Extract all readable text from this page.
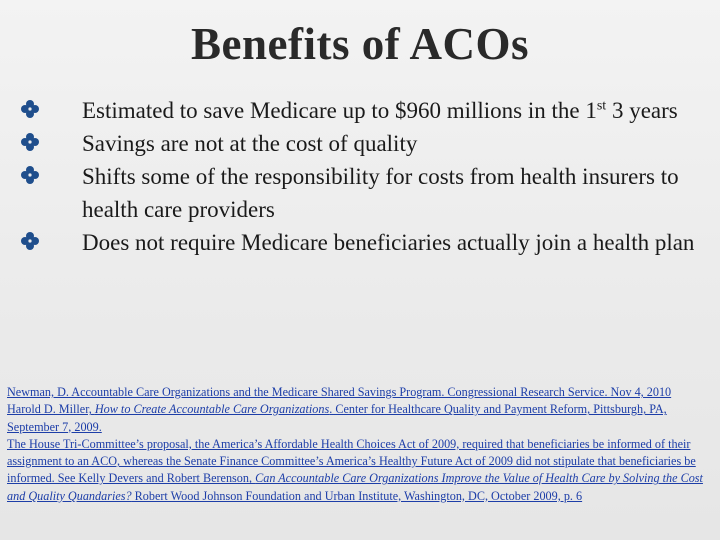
Benefits of ACOs
Estimated to save Medicare up to $960 millions in the 1st 3 years
Savings are not at the cost of quality
Shifts some of the responsibility for costs from health insurers to health care providers
Does not require Medicare beneficiaries actually join a health plan

Newman, D. Accountable Care Organizations and the Medicare Shared Savings Program. Congressional Research Service. Nov 4, 2010

Harold D. Miller, How to Create Accountable Care Organizations. Center for Healthcare Quality and Payment Reform, Pittsburgh, PA, September 7, 2009.

The House Tri-Committee’s proposal, the America’s Affordable Health Choices Act of 2009, required that beneficiaries be informed of their assignment to an ACO, whereas the Senate Finance Committee’s America’s Healthy Future Act of 2009 did not stipulate that beneficiaries be informed. See Kelly Devers and Robert Berenson, Can Accountable Care Organizations Improve the Value of Health Care by Solving the Cost and Quality Quandaries? Robert Wood Johnson Foundation and Urban Institute, Washington, DC, October 2009, p. 6
